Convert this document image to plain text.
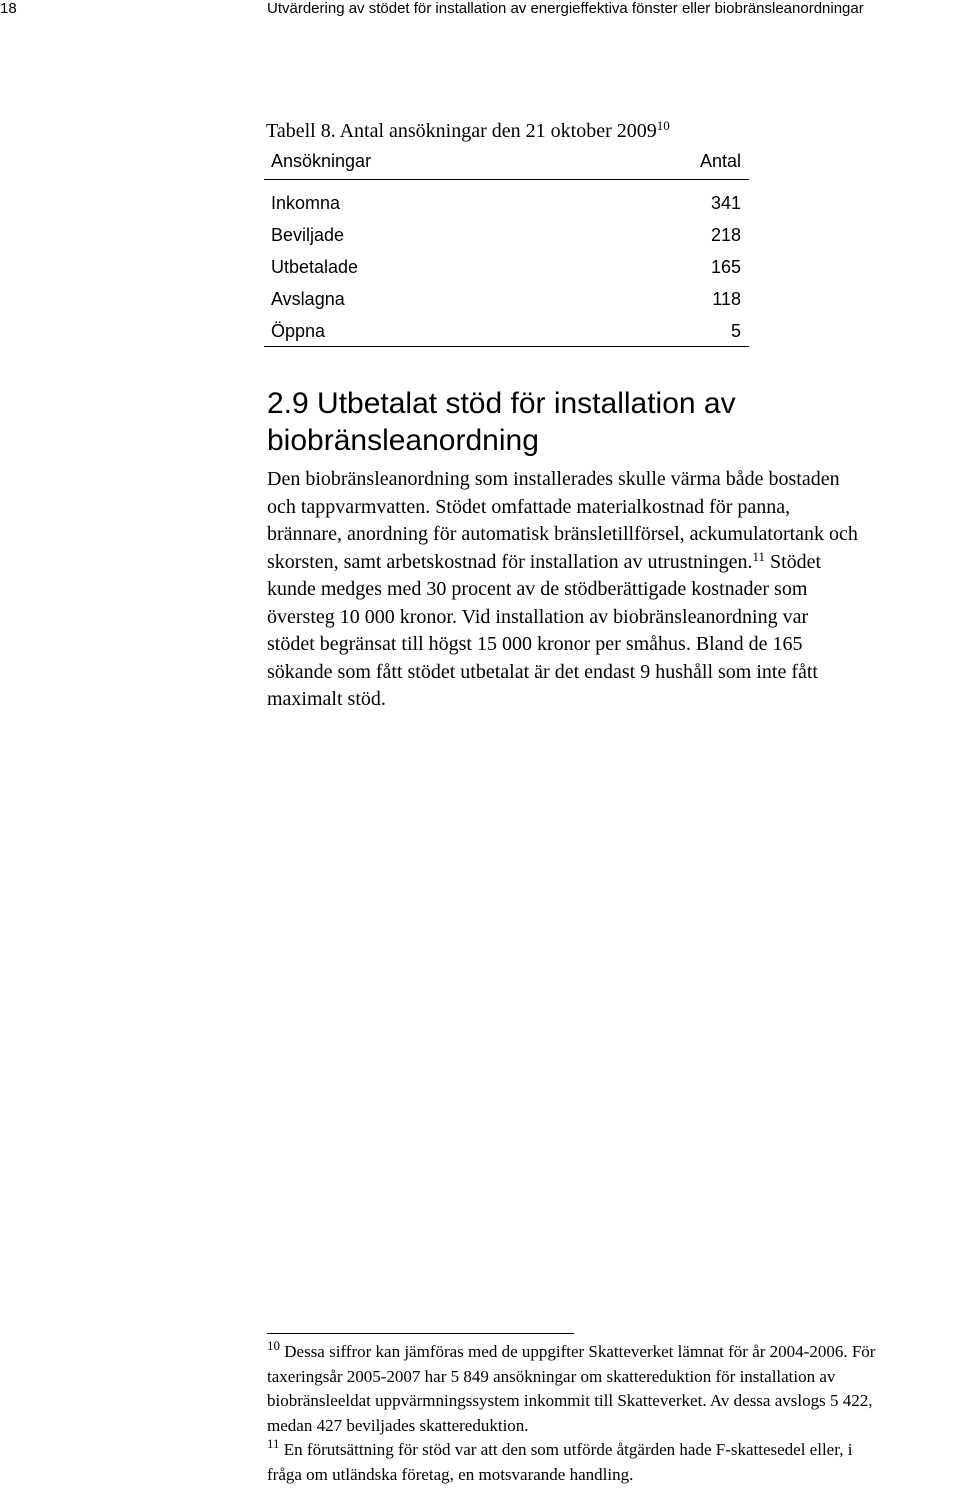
18	Utvärdering av stödet för installation av energieffektiva fönster eller biobränsleanordningar
Tabell 8. Antal ansökningar den 21 oktober 2009$^{10}$
Ansökningar	Antal
Inkomna	341
Beviljade	218
Utbetalade	165
Avslagna	118
Öppna	5
2.9 Utbetalat stöd för installation av
biobränsleanordning
Den biobränsleanordning som installerades skulle värma både bostaden
och tappvarmvatten. Stödet omfattade materialkostnad för panna,
brännare, anordning för automatisk bränsletillförsel, ackumulatortank och
skorsten, samt arbetskostnad för installation av utrustningen.$^{11}$ Stödet
kunde medges med 30 procent av de stödberättigade kostnader som
översteg 10 000 kronor. Vid installation av biobränsleanordning var
stödet begränsat till högst 15 000 kronor per småhus. Bland de 165
sökande som fått stödet utbetalat är det endast 9 hushåll som inte fått
maximalt stöd.
$^{10}$ Dessa siffror kan jämföras med de uppgifter Skatteverket lämnat för år 2004-2006. För
taxeringsår 2005-2007 har 5 849 ansökningar om skattereduktion för installation av
biobränsleeldat uppvärmningssystem inkommit till Skatteverket. Av dessa avslogs 5 422,
medan 427 beviljades skattereduktion.
$^{11}$ En förutsättning för stöd var att den som utförde åtgärden hade F-skattesedel eller, i
fråga om utländska företag, en motsvarande handling.
